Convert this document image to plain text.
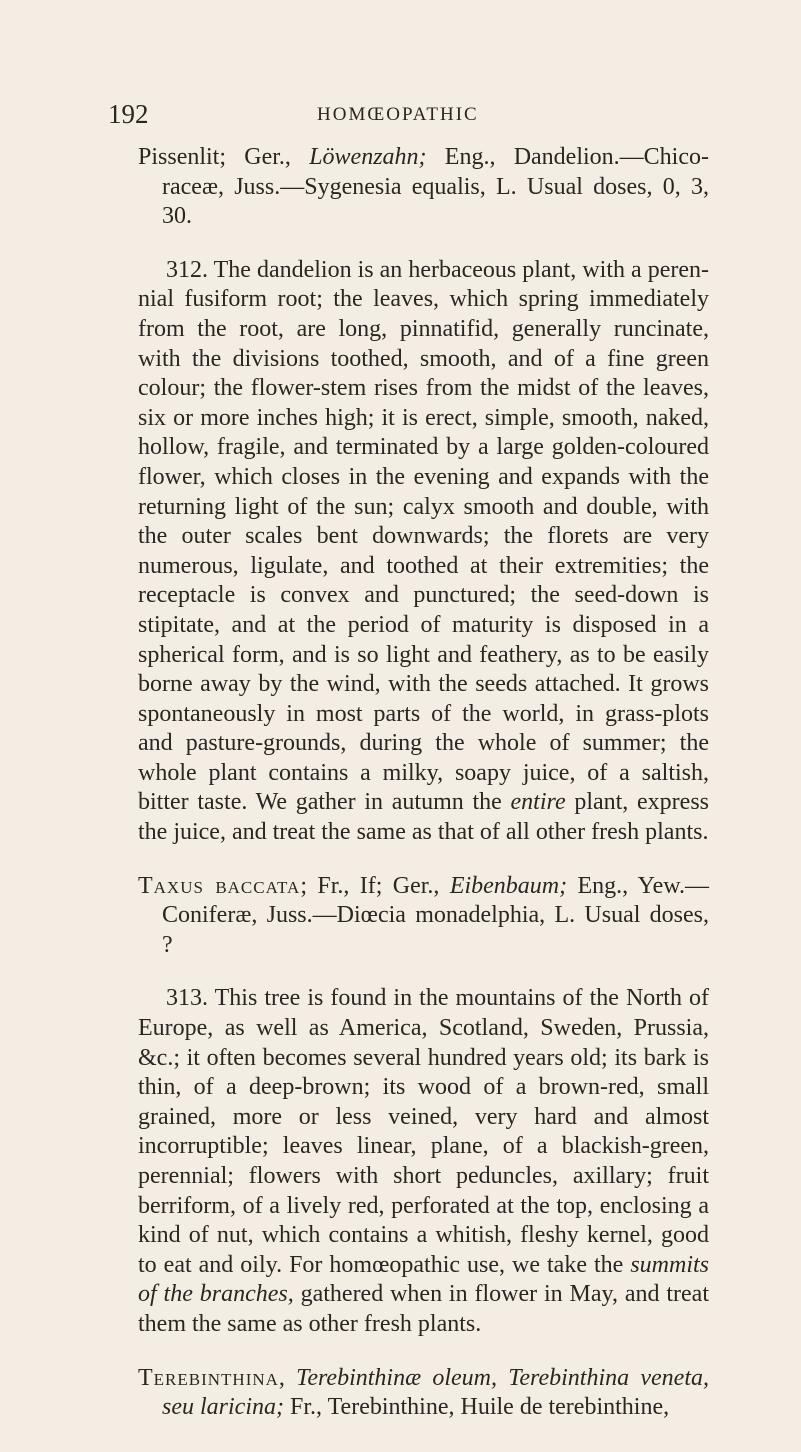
192	HOMŒOPATHIC

Pissenlit; Ger., Löwenzahn; Eng., Dandelion.—Chicoraceæ, Juss.—Sygenesia equalis, L. Usual doses, 0, 3, 30.

312. The dandelion is an herbaceous plant, with a perennial fusiform root; the leaves, which spring immediately from the root, are long, pinnatifid, generally runcinate, with the divisions toothed, smooth, and of a fine green colour; the flower-stem rises from the midst of the leaves, six or more inches high; it is erect, simple, smooth, naked, hollow, fragile, and terminated by a large golden-coloured flower, which closes in the evening and expands with the returning light of the sun; calyx smooth and double, with the outer scales bent downwards; the florets are very numerous, ligulate, and toothed at their extremities; the receptacle is convex and punctured; the seed-down is stipitate, and at the period of maturity is disposed in a spherical form, and is so light and feathery, as to be easily borne away by the wind, with the seeds attached. It grows spontaneously in most parts of the world, in grass-plots and pasture-grounds, during the whole of summer; the whole plant contains a milky, soapy juice, of a saltish, bitter taste. We gather in autumn the entire plant, express the juice, and treat the same as that of all other fresh plants.

Taxus baccata; Fr., If; Ger., Eibenbaum; Eng., Yew.— Coniferæ, Juss.—Diœcia monadelphia, L. Usual doses, ?

313. This tree is found in the mountains of the North of Europe, as well as America, Scotland, Sweden, Prussia, &c.; it often becomes several hundred years old; its bark is thin, of a deep-brown; its wood of a brown-red, small grained, more or less veined, very hard and almost incorruptible; leaves linear, plane, of a blackish-green, perennial; flowers with short peduncles, axillary; fruit berriform, of a lively red, perforated at the top, enclosing a kind of nut, which contains a whitish, fleshy kernel, good to eat and oily. For homœopathic use, we take the summits of the branches, gathered when in flower in May, and treat them the same as other fresh plants.

Terebinthina, Terebinthinæ oleum, Terebinthina veneta, seu laricina; Fr., Terebinthine, Huile de terebinthine,
